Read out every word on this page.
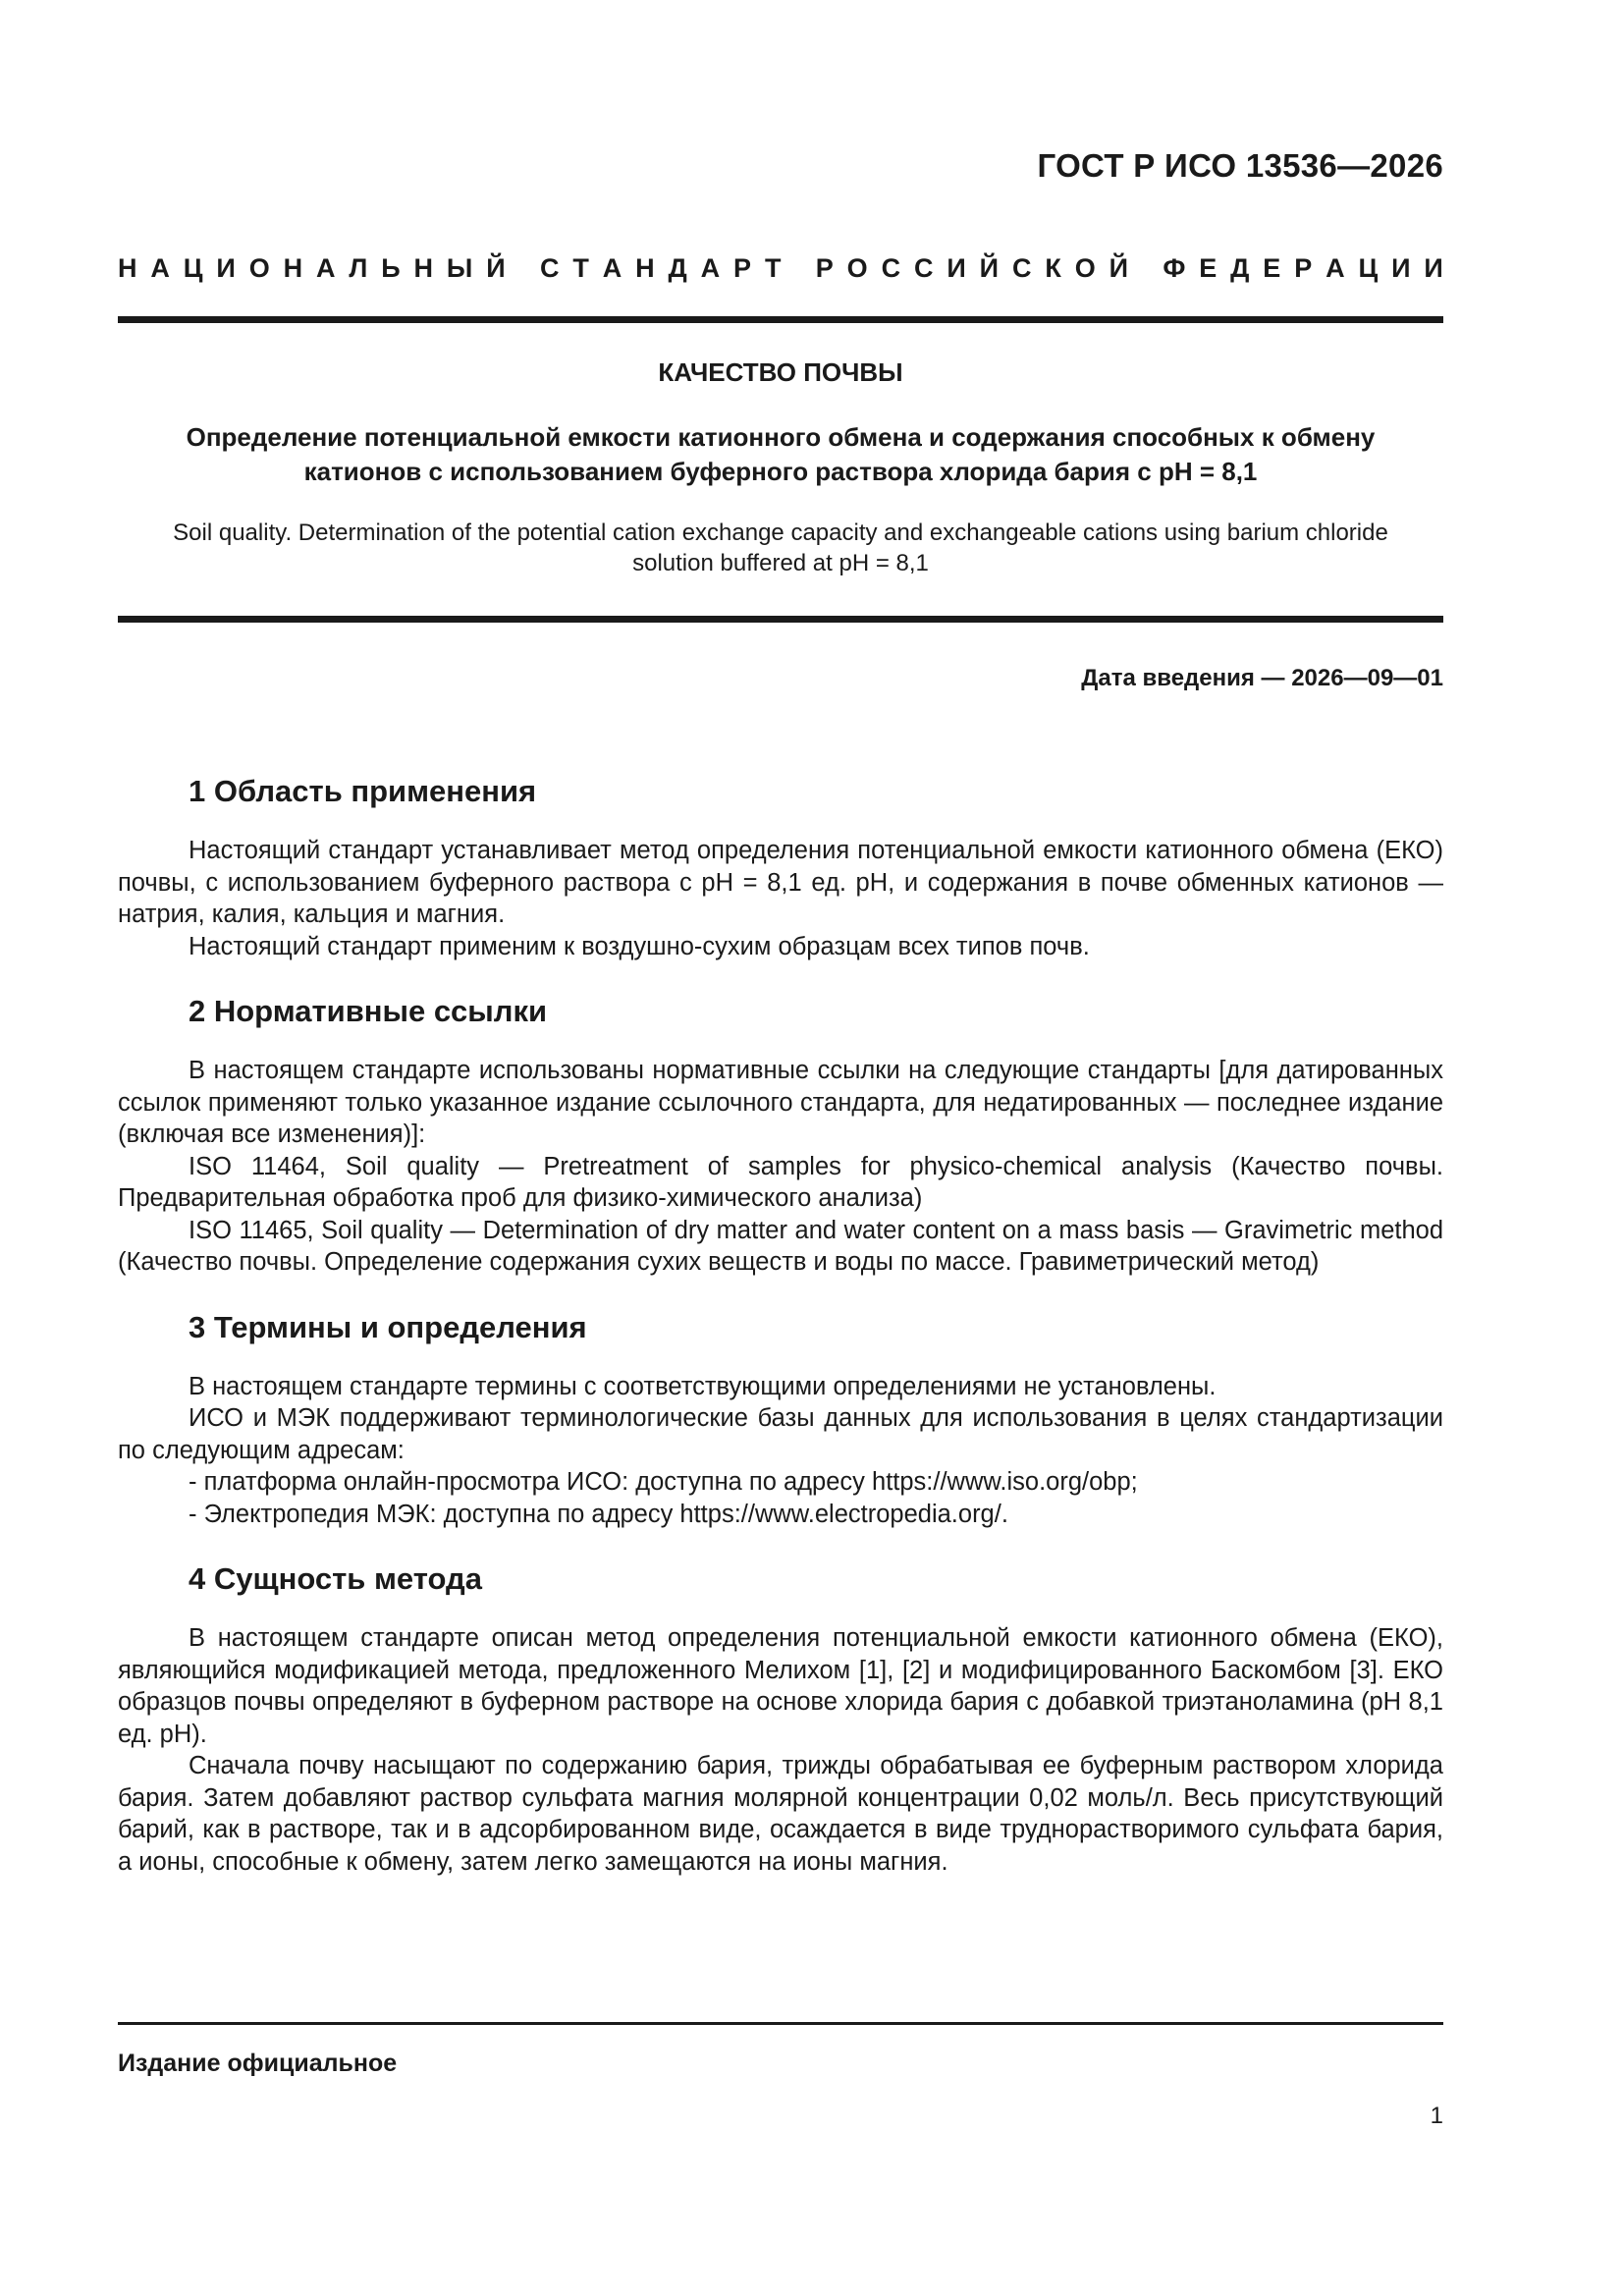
ГОСТ Р ИСО 13536—2026
Н А Ц И О Н А Л Ь Н Ы Й
С Т А Н Д А Р Т
Р О С С И Й С К О Й
Ф Е Д Е Р А Ц И И
КАЧЕСТВО ПОЧВЫ
Определение потенциальной емкости катионного обмена и содержания способных к обмену
катионов с использованием буферного раствора хлорида бария с pH = 8,1
Soil quality. Determination of the potential cation exchange capacity and exchangeable cations using barium chloride
solution buffered at pH = 8,1
Дата введения — 2026—09—01
1 Область применения

Настоящий стандарт устанавливает метод определения потенциальной емкости катионного обмена (ЕКО) почвы, с использованием буферного раствора с pH = 8,1 ед. pH, и содержания в почве обменных катионов — натрия, калия, кальция и магния.

Настоящий стандарт применим к воздушно-сухим образцам всех типов почв.

2 Нормативные ссылки

В настоящем стандарте использованы нормативные ссылки на следующие стандарты [для датированных ссылок применяют только указанное издание ссылочного стандарта, для недатированных — последнее издание (включая все изменения)]:

ISO 11464, Soil quality — Pretreatment of samples for physico-chemical analysis (Качество почвы. Предварительная обработка проб для физико-химического анализа)

ISO 11465, Soil quality — Determination of dry matter and water content on a mass basis — Gravimetric method (Качество почвы. Определение содержания сухих веществ и воды по массе. Гравиметрический метод)

3 Термины и определения

В настоящем стандарте термины с соответствующими определениями не установлены.

ИСО и МЭК поддерживают терминологические базы данных для использования в целях стандартизации по следующим адресам:

- платформа онлайн-просмотра ИСО: доступна по адресу https://www.iso.org/obp;

- Электропедия МЭК: доступна по адресу https://www.electropedia.org/.

4 Сущность метода

В настоящем стандарте описан метод определения потенциальной емкости катионного обмена (ЕКО), являющийся модификацией метода, предложенного Мелихом [1], [2] и модифицированного Баскомбом [3]. ЕКО образцов почвы определяют в буферном растворе на основе хлорида бария с добавкой триэтаноламина (pH 8,1 ед. pH).

Сначала почву насыщают по содержанию бария, трижды обрабатывая ее буферным раствором хлорида бария. Затем добавляют раствор сульфата магния молярной концентрации 0,02 моль/л. Весь присутствующий барий, как в растворе, так и в адсорбированном виде, осаждается в виде труднорастворимого сульфата бария, а ионы, способные к обмену, затем легко замещаются на ионы магния.

Издание официальное
1
